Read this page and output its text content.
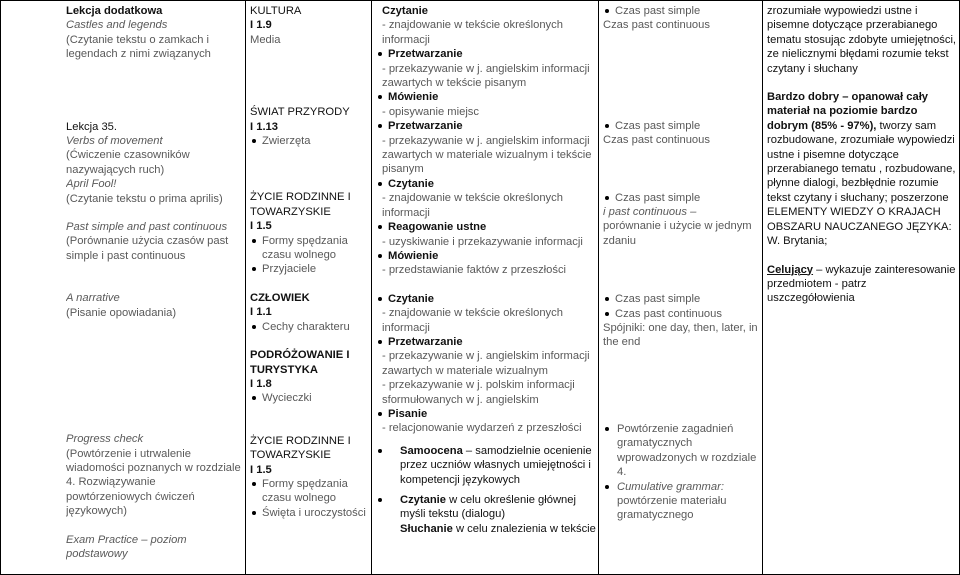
Lekcja dodatkowa

Castles and legends

(Czytanie tekstu o zamkach i legendach z nimi związanych

Lekcja 35.

Verbs of movement

(Ćwiczenie czasowników nazywających ruch)

April Fool!

(Czytanie tekstu o prima aprilis)

Past simple and past continuous

(Porównanie użycia czasów past simple i past continuous

A narrative

(Pisanie opowiadania)

Progress check

(Powtórzenie i utrwalenie wiadomości poznanych w rozdziale 4. Rozwiązywanie powtórzeniowych ćwiczeń językowych)

Exam Practice – poziom podstawowy

KULTURA

I 1.9

Media

ŚWIAT PRZYRODY

I 1.13

Zwierzęta

ŻYCIE RODZINNE I TOWARZYSKIE

I 1.5

Formy spędzania czasu wolnego

Przyjaciele

CZŁOWIEK

I 1.1

Cechy charakteru

PODRÓŻOWANIE I TURYSTYKA

I 1.8

Wycieczki

ŻYCIE RODZINNE I TOWARZYSKIE

I 1.5

Formy spędzania czasu wolnego

Święta i uroczystości

Czytanie

- znajdowanie w tekście określonych informacji

Przetwarzanie

- przekazywanie w j. angielskim informacji zawartych w tekście pisanym

Mówienie

- opisywanie miejsc

Przetwarzanie

- przekazywanie w j. angielskim informacji zawartych w materiale wizualnym i tekście pisanym

Czytanie

- znajdowanie w tekście określonych informacji

Reagowanie ustne

- uzyskiwanie i przekazywanie informacji

Mówienie

- przedstawianie faktów z przeszłości

Czytanie

- znajdowanie w tekście określonych informacji

Przetwarzanie

- przekazywanie w j. angielskim informacji zawartych w materiale wizualnym

- przekazywanie w j. polskim informacji sformułowanych w j. angielskim

Pisanie

- relacjonowanie wydarzeń z przeszłości

Samoocena – samodzielnie ocenienie przez uczniów własnych umiejętności i kompetencji językowych

Czytanie w celu określenie głównej myśli tekstu (dialogu)

Słuchanie w celu znalezienia w tekście

Czas past simple

Czas past continuous

Czas past simple

Czas past continuous

Czas past simple

i past continuous –

porównanie i użycie w jednym zdaniu

Czas past simple

Czas past continuous

Spójniki: one day, then, later, in the end

Powtórzenie zagadnień gramatycznych wprowadzonych w rozdziale 4.

Cumulative grammar:

powtórzenie materiału gramatycznego

zrozumiałe wypowiedzi ustne i pisemne dotyczące przerabianego tematu stosując zdobyte umiejętności, ze nielicznymi błędami rozumie tekst czytany i słuchany

Bardzo dobry – opanował cały materiał na poziomie bardzo dobrym (85% - 97%), tworzy sam rozbudowane, zrozumiałe wypowiedzi ustne i pisemne dotyczące przerabianego tematu , rozbudowane, płynne dialogi, bezbłędnie rozumie tekst czytany i słuchany; poszerzone ELEMENTY WIEDZY O KRAJACH OBSZARU NAUCZANEGO JĘZYKA: W. Brytania;

Celujący – wykazuje zainteresowanie przedmiotem - patrz uszczegółowienia
